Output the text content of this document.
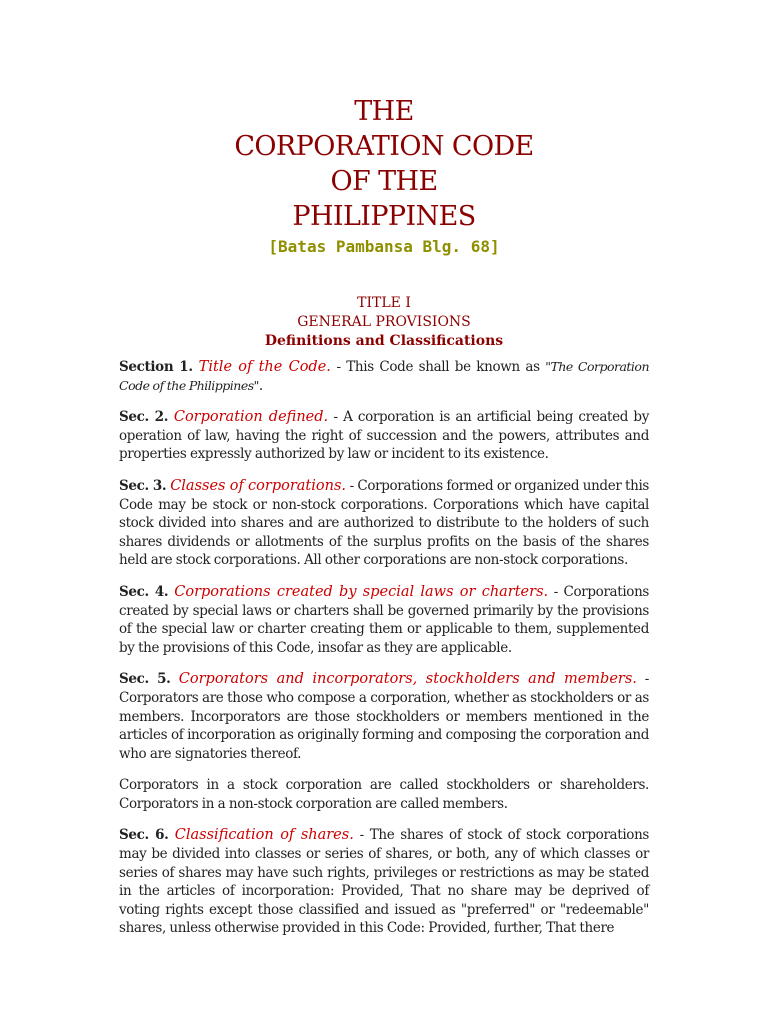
THE
CORPORATION CODE
OF THE
PHILIPPINES
[Batas Pambansa Blg. 68]
TITLE I
GENERAL PROVISIONS
Definitions and Classifications

Section 1. Title of the Code. - This Code shall be known as "The Corporation Code of the Philippines".

Sec. 2. Corporation defined. - A corporation is an artificial being created by operation of law, having the right of succession and the powers, attributes and properties expressly authorized by law or incident to its existence.

Sec. 3. Classes of corporations. - Corporations formed or organized under this Code may be stock or non-stock corporations. Corporations which have capital stock divided into shares and are authorized to distribute to the holders of such shares dividends or allotments of the surplus profits on the basis of the shares held are stock corporations. All other corporations are non-stock corporations.

Sec. 4. Corporations created by special laws or charters. - Corporations created by special laws or charters shall be governed primarily by the provisions of the special law or charter creating them or applicable to them, supplemented by the provisions of this Code, insofar as they are applicable.

Sec. 5. Corporators and incorporators, stockholders and members. - Corporators are those who compose a corporation, whether as stockholders or as members. Incorporators are those stockholders or members mentioned in the articles of incorporation as originally forming and composing the corporation and who are signatories thereof.

Corporators in a stock corporation are called stockholders or shareholders. Corporators in a non-stock corporation are called members.

Sec. 6. Classification of shares. - The shares of stock of stock corporations may be divided into classes or series of shares, or both, any of which classes or series of shares may have such rights, privileges or restrictions as may be stated in the articles of incorporation: Provided, That no share may be deprived of voting rights except those classified and issued as "preferred" or "redeemable" shares, unless otherwise provided in this Code: Provided, further, That there
